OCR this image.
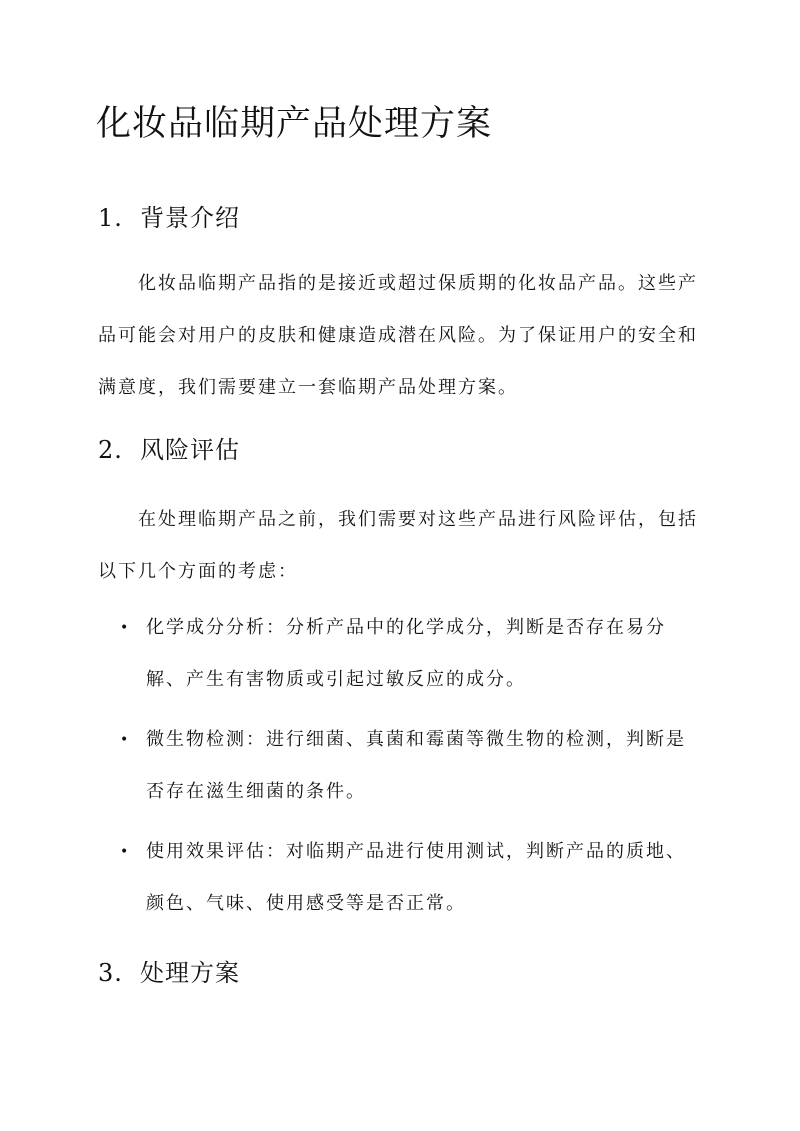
化妆品临期产品处理方案
1. 背景介绍

化妆品临期产品指的是接近或超过保质期的化妆品产品。这些产品可能会对用户的皮肤和健康造成潜在风险。为了保证用户的安全和满意度，我们需要建立一套临期产品处理方案。

2. 风险评估

在处理临期产品之前，我们需要对这些产品进行风险评估，包括以下几个方面的考虑：

• 化学成分分析：分析产品中的化学成分，判断是否存在易分解、产生有害物质或引起过敏反应的成分。
• 微生物检测：进行细菌、真菌和霉菌等微生物的检测，判断是否存在滋生细菌的条件。
• 使用效果评估：对临期产品进行使用测试，判断产品的质地、颜色、气味、使用感受等是否正常。
3. 处理方案
